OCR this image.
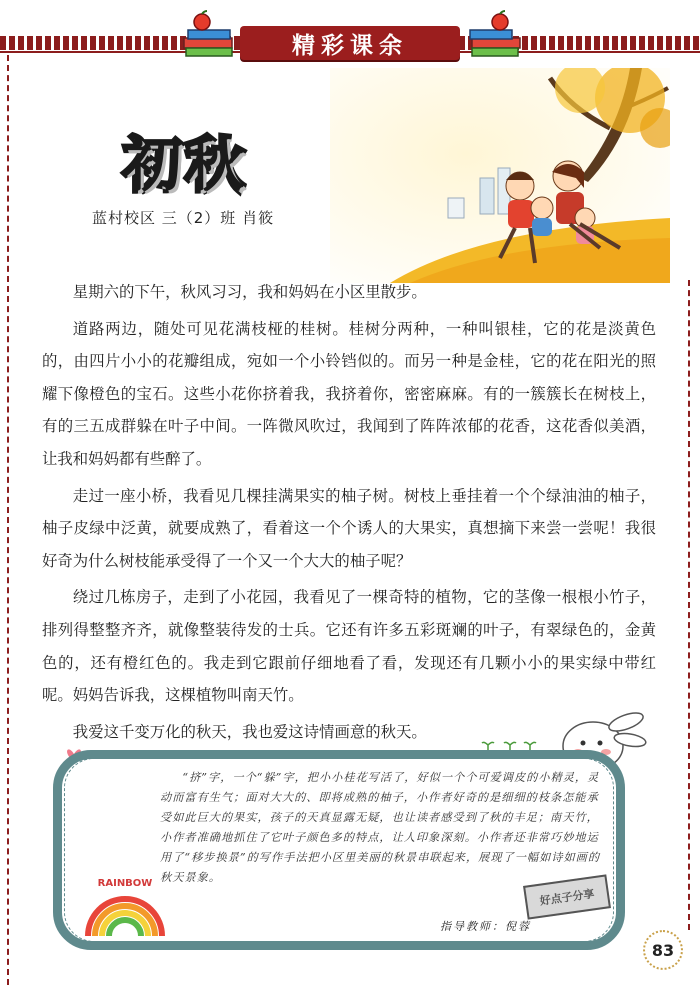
精彩课余
初秋
蓝村校区 三（2）班 肖筱

星期六的下午，秋风习习，我和妈妈在小区里散步。

道路两边，随处可见花满枝桠的桂树。桂树分两种，一种叫银桂，它的花是淡黄色的，由四片小小的花瓣组成，宛如一个小铃铛似的。而另一种是金桂，它的花在阳光的照耀下像橙色的宝石。这些小花你挤着我，我挤着你，密密麻麻。有的一簇簇长在树枝上，有的三五成群躲在叶子中间。一阵微风吹过，我闻到了阵阵浓郁的花香，这花香似美酒，让我和妈妈都有些醉了。

走过一座小桥，我看见几棵挂满果实的柚子树。树枝上垂挂着一个个绿油油的柚子，柚子皮绿中泛黄，就要成熟了，看着这一个个诱人的大果实，真想摘下来尝一尝呢！我很好奇为什么树枝能承受得了一个又一个大大的柚子呢？

绕过几栋房子，走到了小花园，我看见了一棵奇特的植物，它的茎像一根根小竹子，排列得整整齐齐，就像整装待发的士兵。它还有许多五彩斑斓的叶子，有翠绿色的，金黄色的，还有橙红色的。我走到它跟前仔细地看了看，发现还有几颗小小的果实绿中带红呢。妈妈告诉我，这棵植物叫南天竹。

我爱这千变万化的秋天，我也爱这诗情画意的秋天。

“挤”字，一个“躲”字，把小小桂花写活了，好似一个个可爱调皮的小精灵，灵动而富有生气；面对大大的、即将成熟的柚子，小作者好奇的是细细的枝条怎能承受如此巨大的果实，孩子的天真显露无疑，也让读者感受到了秋的丰足；南天竹，小作者准确地抓住了它叶子颜色多的特点，让人印象深刻。小作者还非常巧妙地运用了“移步换景”的写作手法把小区里美丽的秋景串联起来，展现了一幅如诗如画的秋天景象。

指导教师：倪蓉
RAINBOW
好点子分享
83
